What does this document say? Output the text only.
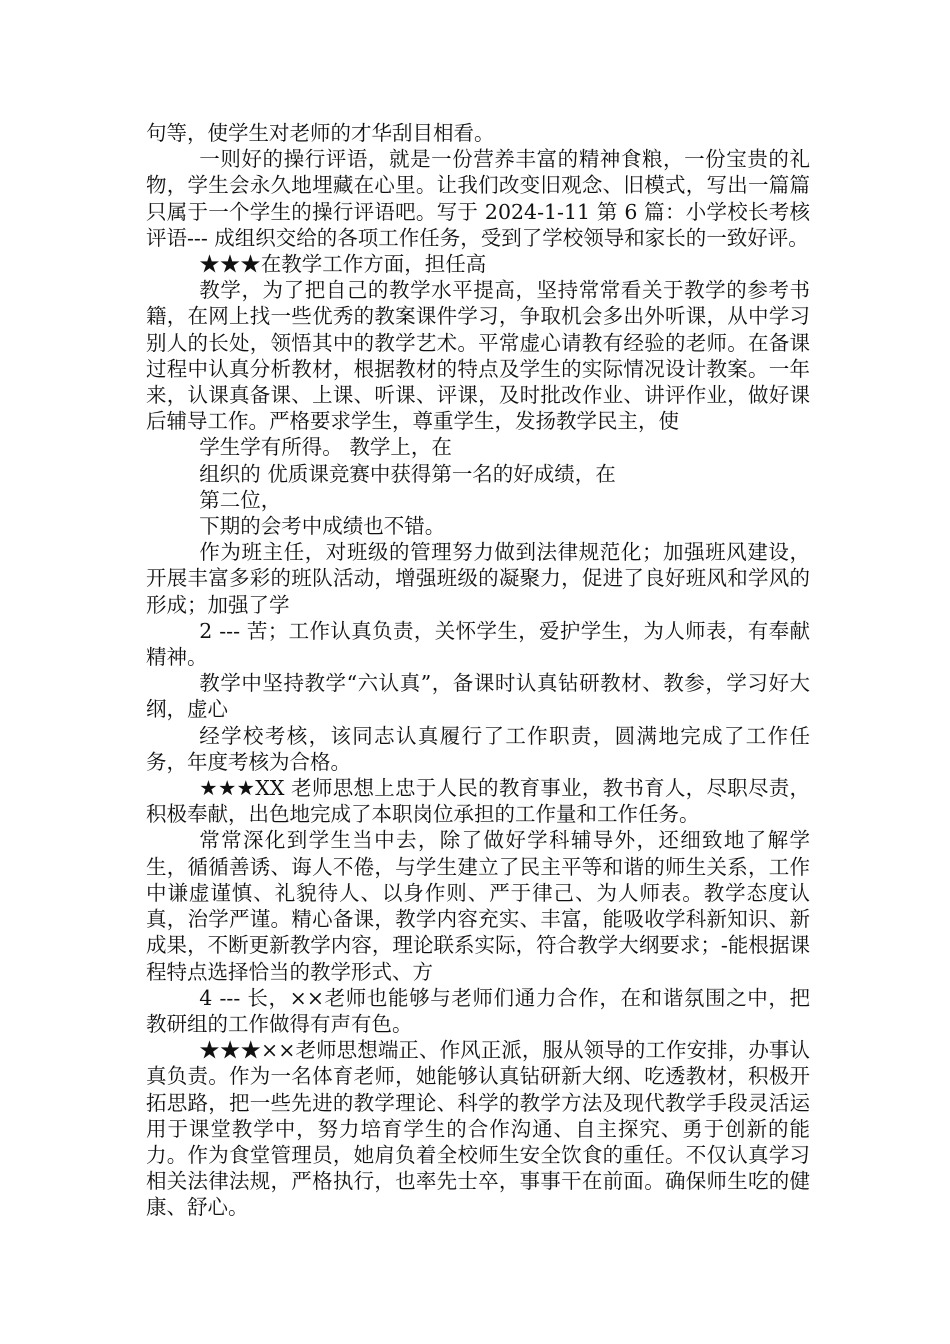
句等，使学生对老师的才华刮目相看。

一则好的操行评语，就是一份营养丰富的精神食粮，一份宝贵的礼物，学生会永久地埋藏在心里。让我们改变旧观念、旧模式，写出一篇篇只属于一个学生的操行评语吧。写于 2024-1-11 第 6 篇：小学校长考核评语--- 成组织交给的各项工作任务，受到了学校领导和家长的一致好评。

★★★在教学工作方面，担任高

教学，为了把自己的教学水平提高，坚持常常看关于教学的参考书籍，在网上找一些优秀的教案课件学习，争取机会多出外听课，从中学习别人的长处，领悟其中的教学艺术。平常虚心请教有经验的老师。在备课过程中认真分析教材，根据教材的特点及学生的实际情况设计教案。一年来，认课真备课、上课、听课、评课，及时批改作业、讲评作业，做好课后辅导工作。严格要求学生，尊重学生，发扬教学民主，使

学生学有所得。 教学上，在

组织的 优质课竞赛中获得第一名的好成绩，在

第二位，

下期的会考中成绩也不错。

作为班主任，对班级的管理努力做到法律规范化；加强班风建设，开展丰富多彩的班队活动，增强班级的凝聚力，促进了良好班风和学风的形成；加强了学

2 --- 苦；工作认真负责，关怀学生，爱护学生，为人师表，有奉献精神。

教学中坚持教学“六认真”，备课时认真钻研教材、教参，学习好大纲，虚心

经学校考核，该同志认真履行了工作职责，圆满地完成了工作任务，年度考核为合格。

★★★XX 老师思想上忠于人民的教育事业，教书育人，尽职尽责，积极奉献，出色地完成了本职岗位承担的工作量和工作任务。

常常深化到学生当中去，除了做好学科辅导外，还细致地了解学生，循循善诱、诲人不倦，与学生建立了民主平等和谐的师生关系，工作中谦虚谨慎、礼貌待人、以身作则、严于律己、为人师表。教学态度认真，治学严谨。精心备课，教学内容充实、丰富，能吸收学科新知识、新成果，不断更新教学内容，理论联系实际，符合教学大纲要求；-能根据课程特点选择恰当的教学形式、方

4 --- 长，××老师也能够与老师们通力合作，在和谐氛围之中，把教研组的工作做得有声有色。

★★★××老师思想端正、作风正派，服从领导的工作安排，办事认真负责。作为一名体育老师，她能够认真钻研新大纲、吃透教材，积极开拓思路，把一些先进的教学理论、科学的教学方法及现代教学手段灵活运用于课堂教学中，努力培育学生的合作沟通、自主探究、勇于创新的能力。作为食堂管理员，她肩负着全校师生安全饮食的重任。不仅认真学习相关法律法规，严格执行，也率先士卒，事事干在前面。确保师生吃的健康、舒心。
